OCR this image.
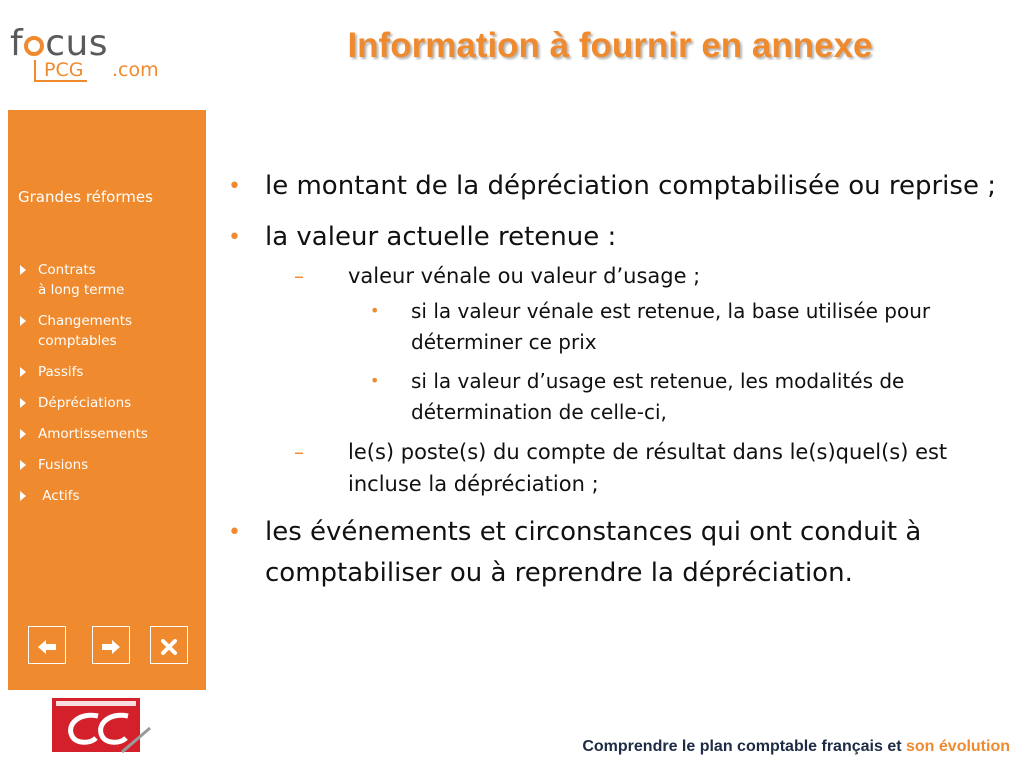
f cus
PCG .com
Information à fournir en annexe
Grandes réformes
Contrats
à long terme
Changements
comptables
Passifs
Dépréciations
Amortissements
Fusions
Actifs
• le montant de la dépréciation comptabilisée ou reprise ;
• la valeur actuelle retenue :
– valeur vénale ou valeur d’usage ;
• si la valeur vénale est retenue, la base utilisée pour déterminer ce prix
• si la valeur d’usage est retenue, les modalités de détermination de celle-ci,
– le(s) poste(s) du compte de résultat dans le(s)quel(s) est incluse la dépréciation ;
• les événements et circonstances qui ont conduit à comptabiliser ou à reprendre la dépréciation.
Comprendre le plan comptable français et son évolution
